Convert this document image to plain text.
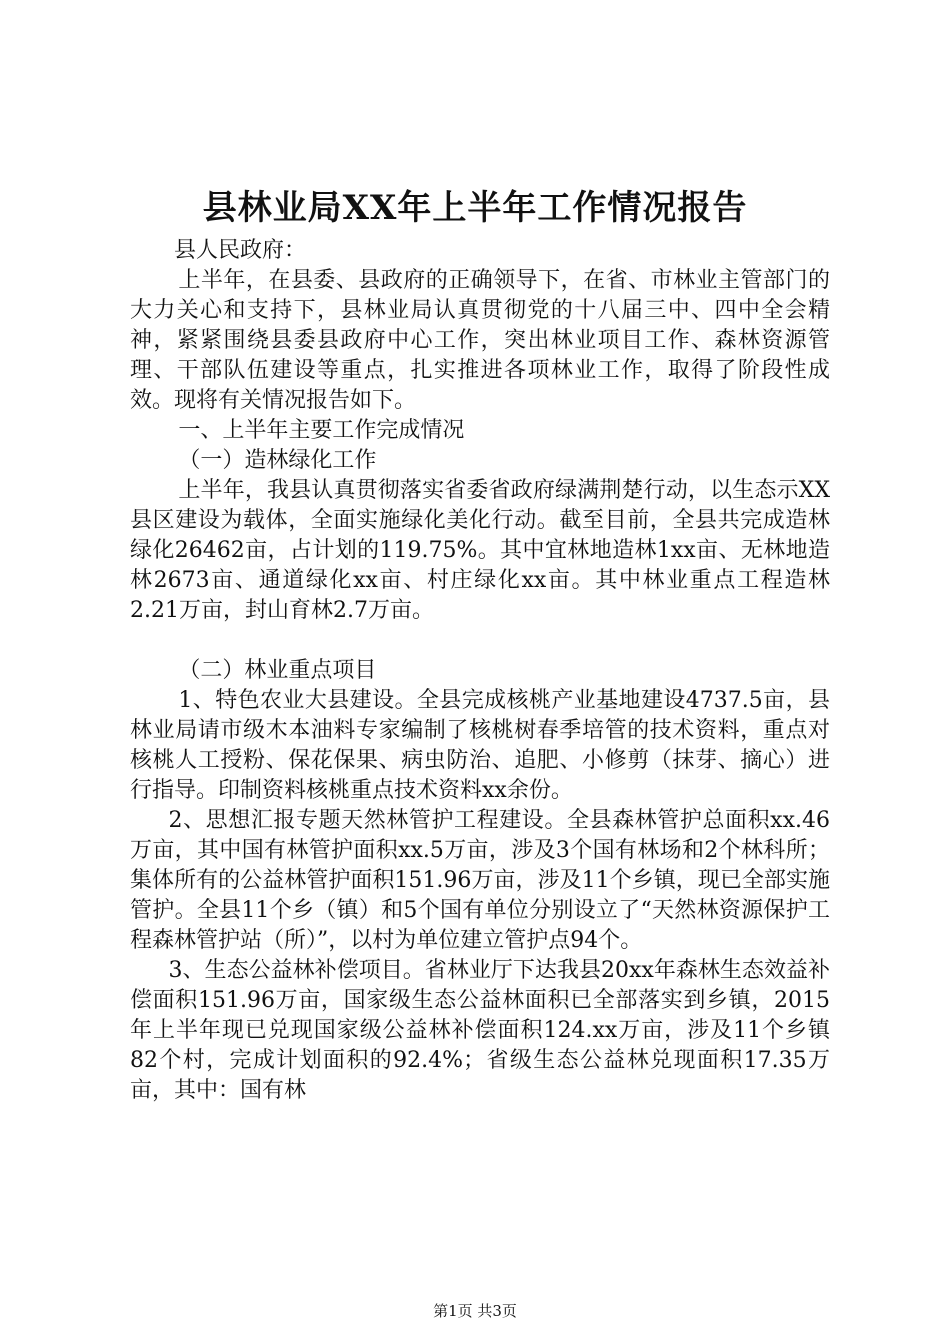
县林业局XX年上半年工作情况报告

县人民政府：

上半年，在县委、县政府的正确领导下，在省、市林业主管部门的大力关心和支持下，县林业局认真贯彻党的十八届三中、四中全会精神，紧紧围绕县委县政府中心工作，突出林业项目工作、森林资源管理、干部队伍建设等重点，扎实推进各项林业工作，取得了阶段性成效。现将有关情况报告如下。

一、上半年主要工作完成情况

（一）造林绿化工作

上半年，我县认真贯彻落实省委省政府绿满荆楚行动，以生态示XX县区建设为载体，全面实施绿化美化行动。截至目前，全县共完成造林绿化26462亩，占计划的119.75%。其中宜林地造林1xx亩、无林地造林2673亩、通道绿化xx亩、村庄绿化xx亩。其中林业重点工程造林2.21万亩，封山育林2.7万亩。

（二）林业重点项目

1、特色农业大县建设。全县完成核桃产业基地建设4737.5亩，县林业局请市级木本油料专家编制了核桃树春季培管的技术资料，重点对核桃人工授粉、保花保果、病虫防治、追肥、小修剪（抹芽、摘心）进行指导。印制资料核桃重点技术资料xx余份。

2、思想汇报专题天然林管护工程建设。全县森林管护总面积xx.46万亩，其中国有林管护面积xx.5万亩，涉及3个国有林场和2个林科所；集体所有的公益林管护面积151.96万亩，涉及11个乡镇，现已全部实施管护。全县11个乡（镇）和5个国有单位分别设立了“天然林资源保护工程森林管护站（所）”，以村为单位建立管护点94个。

3、生态公益林补偿项目。省林业厅下达我县20xx年森林生态效益补偿面积151.96万亩，国家级生态公益林面积已全部落实到乡镇，2015年上半年现已兑现国家级公益林补偿面积124.xx万亩，涉及11个乡镇82个村，完成计划面积的92.4%；省级生态公益林兑现面积17.35万亩，其中：国有林

第1页 共3页
